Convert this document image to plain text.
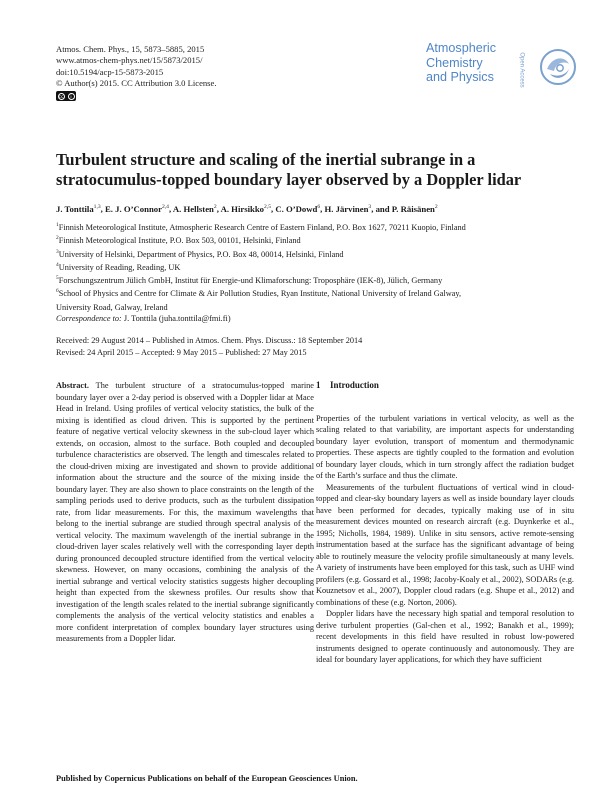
Atmos. Chem. Phys., 15, 5873–5885, 2015
www.atmos-chem-phys.net/15/5873/2015/
doi:10.5194/acp-15-5873-2015
© Author(s) 2015. CC Attribution 3.0 License.
cc	i
Atmospheric
Chemistry
and Physics	Open Access
Turbulent structure and scaling of the inertial subrange in a
stratocumulus-topped boundary layer observed by a Doppler lidar
J. Tonttila$^{1,3}$, E. J. O’Connor$^{2,4}$, A. Hellsten$^2$, A. Hirsikko$^{2,5}$, C. O’Dowd$^6$, H. Järvinen$^3$, and P. Räisänen$^2$
$^1$Finnish Meteorological Institute, Atmospheric Research Centre of Eastern Finland, P.O. Box 1627, 70211 Kuopio, Finland
$^2$Finnish Meteorological Institute, P.O. Box 503, 00101, Helsinki, Finland
$^3$University of Helsinki, Department of Physics, P.O. Box 48, 00014, Helsinki, Finland
$^4$University of Reading, Reading, UK
$^5$Forschungszentrum Jülich GmbH, Institut für Energie-und Klimaforschung: Troposphäre (IEK-8), Jülich, Germany
$^6$School of Physics and Centre for Climate & Air Pollution Studies, Ryan Institute, National University of Ireland Galway,
University Road, Galway, Ireland
Correspondence to: J. Tonttila (juha.tonttila@fmi.fi)
Received: 29 August 2014 – Published in Atmos. Chem. Phys. Discuss.: 18 September 2014
Revised: 24 April 2015 – Accepted: 9 May 2015 – Published: 27 May 2015

Abstract. The turbulent structure of a stratocumulus-topped marine boundary layer over a 2-day period is observed with a Doppler lidar at Mace Head in Ireland. Using profiles of vertical velocity statistics, the bulk of the mixing is identified as cloud driven. This is supported by the pertinent feature of negative vertical velocity skewness in the sub-cloud layer which extends, on occasion, almost to the surface. Both coupled and decoupled turbulence characteristics are observed. The length and timescales related to the cloud-driven mixing are investigated and shown to provide additional information about the structure and the source of the mixing inside the boundary layer. They are also shown to place constraints on the length of the sampling periods used to derive products, such as the turbulent dissipation rate, from lidar measurements. For this, the maximum wavelengths that belong to the inertial subrange are studied through spectral analysis of the vertical velocity. The maximum wavelength of the inertial subrange in the cloud-driven layer scales relatively well with the corresponding layer depth during pronounced decoupled structure identified from the vertical velocity skewness. However, on many occasions, combining the analysis of the inertial subrange and vertical velocity statistics suggests higher decoupling height than expected from the skewness profiles. Our results show that investigation of the length scales related to the inertial subrange significantly complements the analysis of the vertical velocity statistics and enables a more confident interpretation of complex boundary layer structures using measurements from a Doppler lidar.

1 Introduction

Properties of the turbulent variations in vertical velocity, as well as the scaling related to that variability, are important aspects for understanding boundary layer evolution, transport of momentum and thermodynamic properties. These aspects are tightly coupled to the formation and evolution of boundary layer clouds, which in turn strongly affect the radiation budget of the Earth’s surface and thus the climate.

Measurements of the turbulent fluctuations of vertical wind in cloud-topped and clear-sky boundary layers as well as inside boundary layer clouds have been performed for decades, typically making use of in situ measurement devices mounted on research aircraft (e.g. Duynkerke et al., 1995; Nicholls, 1984, 1989). Unlike in situ sensors, active remote-sensing instrumentation based at the surface has the significant advantage of being able to routinely measure the velocity profile simultaneously at many levels. A variety of instruments have been employed for this task, such as UHF wind profilers (e.g. Gossard et al., 1998; Jacoby-Koaly et al., 2002), SODARs (e.g. Kouznetsov et al., 2007), Doppler cloud radars (e.g. Shupe et al., 2012) and combinations of these (e.g. Norton, 2006).

Doppler lidars have the necessary high spatial and temporal resolution to derive turbulent properties (Gal-chen et al., 1992; Banakh et al., 1999); recent developments in this field have resulted in robust low-powered instruments designed to operate continuously and autonomously. They are ideal for boundary layer applications, for which they have sufficient

Published by Copernicus Publications on behalf of the European Geosciences Union.
